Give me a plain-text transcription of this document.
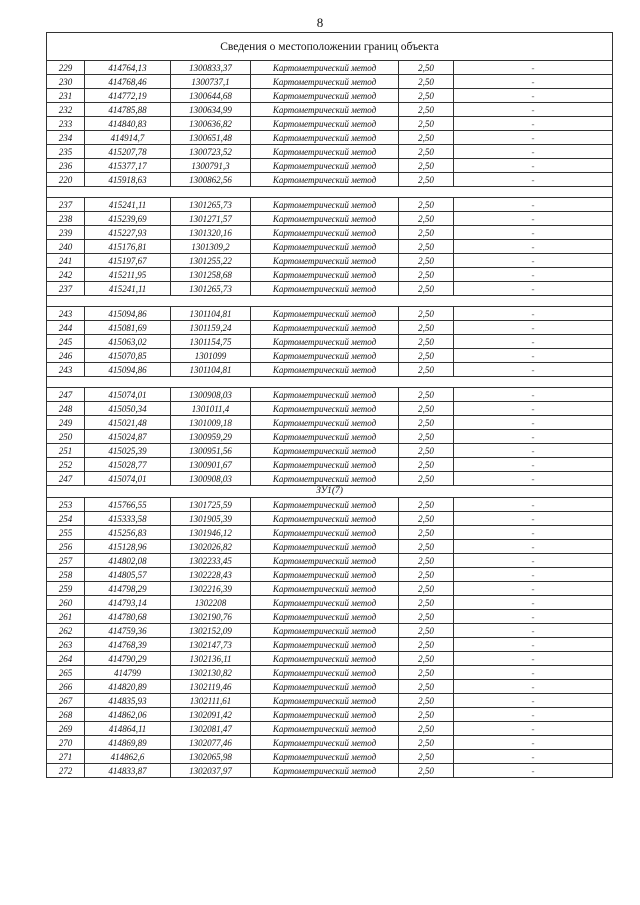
8
Сведения о местоположении границ объекта					
229	414764,13	1300833,37	Картометрический метод	2,50	-
230	414768,46	1300737,1	Картометрический метод	2,50	-
231	414772,19	1300644,68	Картометрический метод	2,50	-
232	414785,88	1300634,99	Картометрический метод	2,50	-
233	414840,83	1300636,82	Картометрический метод	2,50	-
234	414914,7	1300651,48	Картометрический метод	2,50	-
235	415207,78	1300723,52	Картометрический метод	2,50	-
236	415377,17	1300791,3	Картометрический метод	2,50	-
220	415918,63	1300862,56	Картометрический метод	2,50	-

237	415241,11	1301265,73	Картометрический метод	2,50	-
238	415239,69	1301271,57	Картометрический метод	2,50	-
239	415227,93	1301320,16	Картометрический метод	2,50	-
240	415176,81	1301309,2	Картометрический метод	2,50	-
241	415197,67	1301255,22	Картометрический метод	2,50	-
242	415211,95	1301258,68	Картометрический метод	2,50	-
237	415241,11	1301265,73	Картометрический метод	2,50	-

243	415094,86	1301104,81	Картометрический метод	2,50	-
244	415081,69	1301159,24	Картометрический метод	2,50	-
245	415063,02	1301154,75	Картометрический метод	2,50	-
246	415070,85	1301099	Картометрический метод	2,50	-
243	415094,86	1301104,81	Картометрический метод	2,50	-

247	415074,01	1300908,03	Картометрический метод	2,50	-
248	415050,34	1301011,4	Картометрический метод	2,50	-
249	415021,48	1301009,18	Картометрический метод	2,50	-
250	415024,87	1300959,29	Картометрический метод	2,50	-
251	415025,39	1300951,56	Картометрический метод	2,50	-
252	415028,77	1300901,67	Картометрический метод	2,50	-
247	415074,01	1300908,03	Картометрический метод	2,50	-
ЗУ1(7)					
253	415766,55	1301725,59	Картометрический метод	2,50	-
254	415333,58	1301905,39	Картометрический метод	2,50	-
255	415256,83	1301946,12	Картометрический метод	2,50	-
256	415128,96	1302026,82	Картометрический метод	2,50	-
257	414802,08	1302233,45	Картометрический метод	2,50	-
258	414805,57	1302228,43	Картометрический метод	2,50	-
259	414798,29	1302216,39	Картометрический метод	2,50	-
260	414793,14	1302208	Картометрический метод	2,50	-
261	414780,68	1302190,76	Картометрический метод	2,50	-
262	414759,36	1302152,09	Картометрический метод	2,50	-
263	414768,39	1302147,73	Картометрический метод	2,50	-
264	414790,29	1302136,11	Картометрический метод	2,50	-
265	414799	1302130,82	Картометрический метод	2,50	-
266	414820,89	1302119,46	Картометрический метод	2,50	-
267	414835,93	1302111,61	Картометрический метод	2,50	-
268	414862,06	1302091,42	Картометрический метод	2,50	-
269	414864,11	1302081,47	Картометрический метод	2,50	-
270	414869,89	1302077,46	Картометрический метод	2,50	-
271	414862,6	1302065,98	Картометрический метод	2,50	-
272	414833,87	1302037,97	Картометрический метод	2,50	-
